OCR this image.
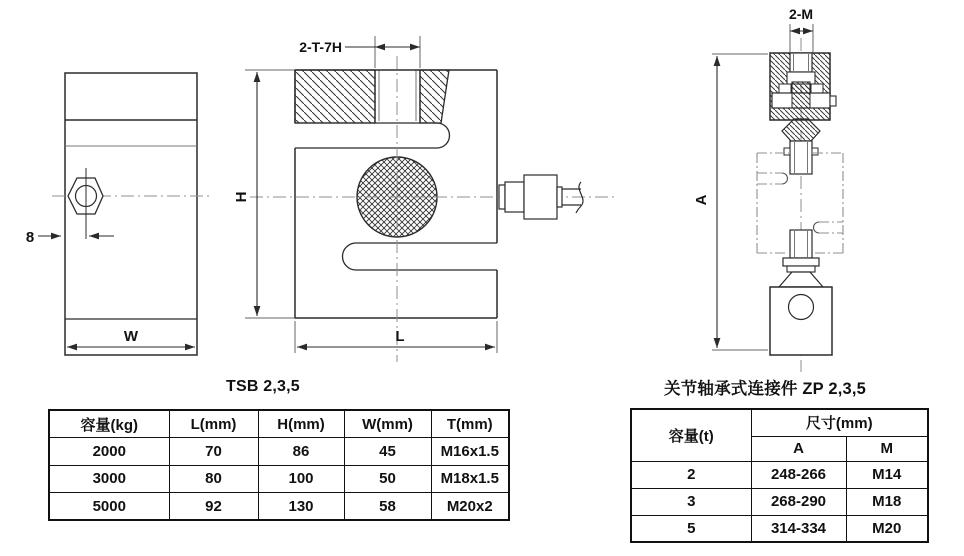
8
W
2-T-7H
H
L
2-M
A
TSB 2,3,5	关节轴承式连接件 ZP 2,3,5
容量(kg)	L(mm)	H(mm)	W(mm)	T(mm)
2000	70	86	45	M16x1.5
3000	80	100	50	M18x1.5
5000	92	130	58	M20x2
容量(t)	尺寸(mm)	
	A	M
2	248-266	M14
3	268-290	M18
5	314-334	M20
